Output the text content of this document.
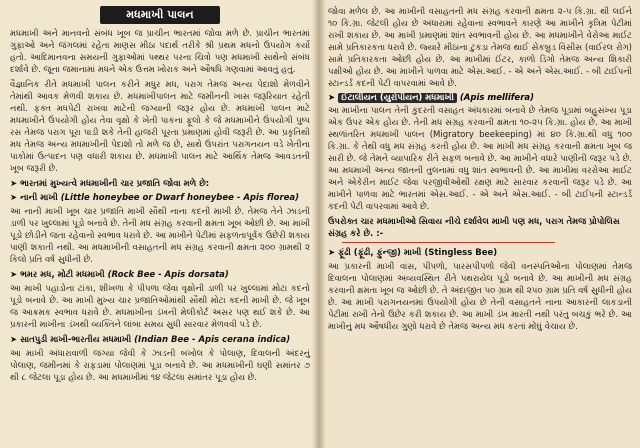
મધમાખી પાલન

મધમાખી અને માનવનો સંબંધ ખૂબ જ પ્રાચીન ભારતમાં જોવા મળે છે. પ્રાચીન ભારતમાં ગુફાઓ અને જંગલમાં રહેતા માણસ મીઠા પદાર્થ તરીકે શ્રી પ્રથમ મધનો ઉપયોગ કર્યો હતો. આદિમાનવના સમયની ગુફાઓમાં પથ્થર પરના ચિત્રો પણ મધમાખી સાથેનો સંબંધ દર્શાવે છે. જૂના જમાનામાં મધને એક ઉત્તમ ખોરાક અને ઔષધિ ગણવામાં આવતું હતું.

વૈજ્ઞાનિક રીતે મધમાખી પાલન કરીને મધુર મધ, પરાગ તેમજ અન્ય પેદાશો મેળવીને તેમાંથી આવક મેળવી શકાય છે. મધમાખીપાલન માટે જમીનની ખાસ જરૂરિયાત રહેતી નથી. ફક્ત મધપેટી રાખવા માટેની જગ્યાની જરૂર હોય છે. મધમાખી પાલન માટે મધમાખીને ઉપયોગી હોય તેવા વૃક્ષો કે ખેતી પાકના ફૂલો કે જે મધમાખીને ઉપયોગી પુષ્પ રસ તેમજ પરાગ પૂરા પાડી શકે તેની હાજરી પૂરતા પ્રમાણમાં હોવી જરૂરી છે. આ પ્રકૃતિથી મધ તેમજ અન્ય મધમાખીની પેદાશો તો મળે જ છે, સાથે ઉપરાંત પરાગનયન વડે ખેતીના પાકોમાં ઉત્પાદન પણ વધારી શકાય છે. મધમાખી પાલન માટે આર્થિક તેમજ આવડતની ખૂબ જરૂરી છે.

➤ ભારતમાં મુખ્યત્વે મધમાખીની ચાર પ્રજાતિ જોવા મળે છે:
➤ નાની માખી (Little honeybee or Dwarf honeybee - Apis florea)

આ નાની માખી ખૂબ ચાર પ્રજાતિ માખી સૌથી નાના કદની માખી છે. તેમજ તેને ઝાડની ડાળી પર ખુલ્લામાં પૂડો બનાવે છે. તેની મધ સંગ્રહ કરવાની ક્ષમતા ખૂબ ઓછી છે. આ માખી પૂડો છોડીને જતા રહેવાનો સ્વભાવ ધરાવે છે. આ માખીને પેટીમાં સફળતાપૂર્વક ઉછેરી શકાય પાણી શકાતી નથી. આ મધમાખીની વસાહતની મધ સંગ્રહ કરવાની ક્ષમતા ૨૦૦ ગ્રામથી ૨ કિલો પ્રતિ વર્ષ સુધીની છે.

➤ ભમર મધ, મોટી મધમાખી (Rock Bee - Apis dorsata)

આ માખી પહાડોના ટાંકા, શીખળા કે પીપળા જેવા વૃક્ષોની ડાળી પર ખુલ્લામાં મોટા કદનો પૂડો બનાવે છે. આ માખી મુખ્ય ચાર પ્રજાતિઓમાંથી સૌથી મોટા કદની માખી છે. જે ખૂબ જ આક્રમક સ્વભાવ ધરાવે છે. મધમાખીના ડંખની મેલીકોર્ટ અસર પણ થઈ શકે છે. આ પ્રકારની માખીના ડંખથી વ્યક્તિને લાંબા સમય સુધી સારવાર મેળવવી પડે છે.

➤ સાતપુડી માખી-ભારતીય મધમાખી (Indian Bee - Apis cerana indica)

આ માખી અંધારાવાળી જગ્યા જેવી કે ઝાડની બખોલ કે પોલાણ, દિવાલની અંદરનું પોલાણ, જમીનમાં કે રાફડામાં પોલાણમાં પૂડા બનાવે છે. આ મધમાખીની ઘણી સમાંતર ૭ થી ૮ જેટલા પૂડા હોય છે. આ મધમાખીમાં ૧૪ જેટલા સમાંતર પૂડા હોય છે.

જોવા મળેલ છે. આ માખીની વસાહતની મધ સંગ્રહ કરવાની ક્ષમતા ૨-૫ કિ.ગ્રા. થી લઈને ૧૦ કિ.ગ્રા. જેટલી હોય છે અંધારામાં રહેવાના સ્વભાવને કારણે આ માખીને કૃત્રિમ પેટીમાં રાખી શકાય છે. આ માખી પ્રમાણમાં શાંત સ્વભાવની હોય છે. આ મધમાખીને વેરોઆ માઈટ સામે પ્રતિકારકતા ધરાવે છે. જ્યારે મીઠાના ટુકડા તેમજ થાઈ સેકબ્રુડ વિસીસ (વાઈરલ રોગ) સામે પ્રતિકારકતા ઓછી હોય છે. આ માખીમાં ઈંટર, કાળો ડિંગો તેમજ અન્ય શિકારી પક્ષીઓ હોય છે. આ માખીને પાળવા માટે એસ.આઈ. - એ અને એસ.આઈ. - બી ટાઈપની સ્ટાન્ડર્ડ કદની પેટી વાપરવામાં આવે છે.

➤ ઈટાલીયન (યુરોપીયન) મધમાખી (Apis mellifera)

આ માખીના પાલન તેની કુદરતી વસાહત અંધકારમાં બનાવે છે તેમજ પૂડામાં બહુસંખ્ય પૂડા એક ઉપર એક હોય છે. તેની મધ સંગ્રહ કરવાની ક્ષમતા ૧૦-૨૫ કિ.ગ્રા. હોય છે. આ માખી સ્થળાંતરિત મધમાખી પાલન (Migratory beekeeping) માં ૪૦ કિ.ગ્રા.થી વધુ ૧૦૦ કિ.ગ્રા. કે તેથી વધુ મધ સંગ્રહ કરતી હોય છે. આ માખી મધ સંગ્રહ કરવાની ક્ષમતા ખૂબ જ સારી છે. જે તેમને વ્યાપારિક રીતે સફળ બનાવે છે. આ માખીને વધારે પાણીની જરૂર પડે છે. આ મધમાખી અન્ય જાતની તુલનામાં વધુ શાંત સ્વભાવની છે. આ માખીમાં વરરોઆ માઈટ અને એકેરીન માઈટ જેવા પરજીવીઓથી રક્ષણ માટે સારવાર કરવાની જરૂર પડે છે. આ માખીને પાળવા માટે ભારતમાં એસ.આઈ. - એ અને એસ.આઈ. - બી ટાઈપની સ્ટાન્ડર્ડ કદની પેટી વાપરવામાં આવે છે.

ઉપરોક્ત ચાર મધમાખીઓ સિવાય નીચે દર્શાવેલ માખી પણ મધ, પરાગ તેમજ પ્રોપોલિસ સંગ્રહ કરે છે. :-
➤ ફૂંઢી (ફૂંઢી, ફુંન્જી) માખી (Stingless Bee)

આ પ્રકારની માખી વાંસ, પીપળો, પારસપીપળો જેવી વનસ્પતિઓના પોલાણમાં તેમજ દિવાલના પોલાણમાં અવ્યવસ્થિત રીતે પથરાયેલ પૂડો બનાવે છે. આ માખીની મધ સંગ્રહ કરવાની ક્ષમતા ખૂબ જ ઓછી છે. તે અંદાજીત ૫૦ ગ્રામ થી ૨૫૦ ગ્રામ પ્રતિ વર્ષ સુધીની હોય છે. આ માખી પરાગનયનમાં ઉપયોગી હોય છે તેની વસાહતને નાના આકારની લાકડાની પેટીમાં રાખી તેનો ઉછેર કરી શકાય છે. આ માખી ડંખ મારતી નથી પરંતુ બચકું ભરે છે. આ માખીનું મધ ઔષધીય ગુણો ધરાવે છે તેમજ અન્ય મધ કરતાં મોંઘું વેચાય છે.
